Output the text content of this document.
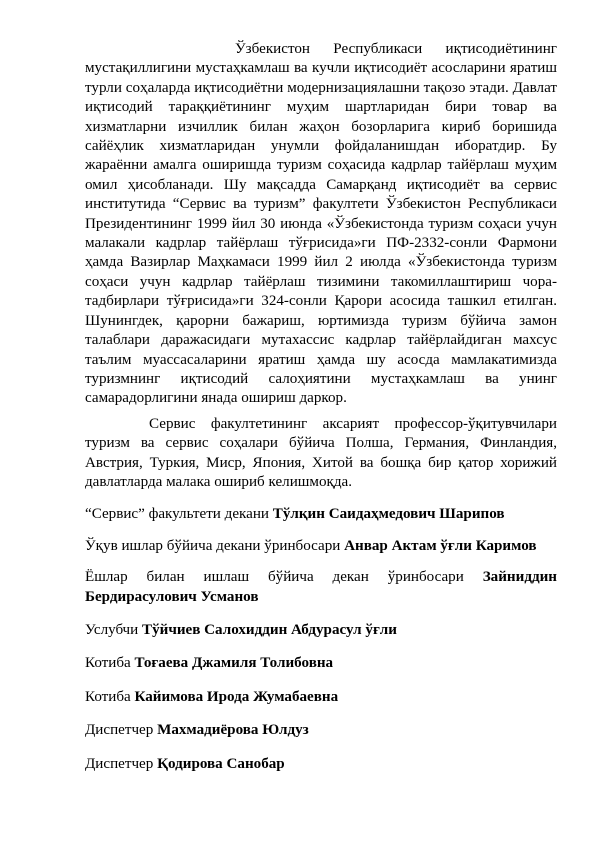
Ўзбекистон Республикаси иқтисодиётининг мустақиллигини мустаҳкамлаш ва кучли иқтисодиёт асосларини яратиш турли соҳаларда иқтисодиётни модернизациялашни тақозо этади. Давлат иқтисодий тараққиётининг муҳим шартларидан бири товар ва хизматларни изчиллик билан жаҳон бозорларига кириб боришида сайёҳлик хизматларидан унумли фойдаланишдан иборатдир. Бу жараённи амалга оширишда туризм соҳасида кадрлар тайёрлаш муҳим омил ҳисобланади. Шу мақсадда Самарқанд иқтисодиёт ва сервис институтида “Сервис ва туризм” факултети Ўзбекистон Республикаси Президентининг 1999 йил 30 июнда «Ўзбекистонда туризм соҳаси учун малакали кадрлар тайёрлаш тўғрисида»ги ПФ-2332-сонли Фармони ҳамда Вазирлар Маҳкамаси 1999 йил 2 июлда «Ўзбекистонда туризм соҳаси учун кадрлар тайёрлаш тизимини такомиллаштириш чора-тадбирлари тўғрисида»ги 324-сонли Қарори асосида ташкил етилган. Шунингдек, қарорни бажариш, юртимизда туризм бўйича замон талаблари даражасидаги мутахассис кадрлар тайёрлайдиган махсус таълим муассасаларини яратиш ҳамда шу асосда мамлакатимизда туризмнинг иқтисодий салоҳиятини мустаҳкамлаш ва унинг самарадорлигини янада ошириш даркор.

Сервис факултетининг аксарият профессор-ўқитувчилари туризм ва сервис соҳалари бўйича Полша, Германия, Финландия, Австрия, Туркия, Миср, Япония, Хитой ва бошқа бир қатор хорижий давлатларда малака ошириб келишмоқда.

“Сервис” факультети декани Тўлқин Саидаҳмедович Шарипов

Ўқув ишлар бўйича декани ўринбосари Анвар Актам ўғли Каримов

Ёшлар билан ишлаш бўйича декан ўринбосари Зайниддин Бердирасулович Усманов

Услубчи Тўйчиев Салохиддин Абдурасул ўғли

Котиба Тоғаева Джамиля Толибовна

Котиба Кайимова Ирода Жумабаевна

Диспетчер Махмадиёрова Юлдуз

Диспетчер Қодирова Санобар
